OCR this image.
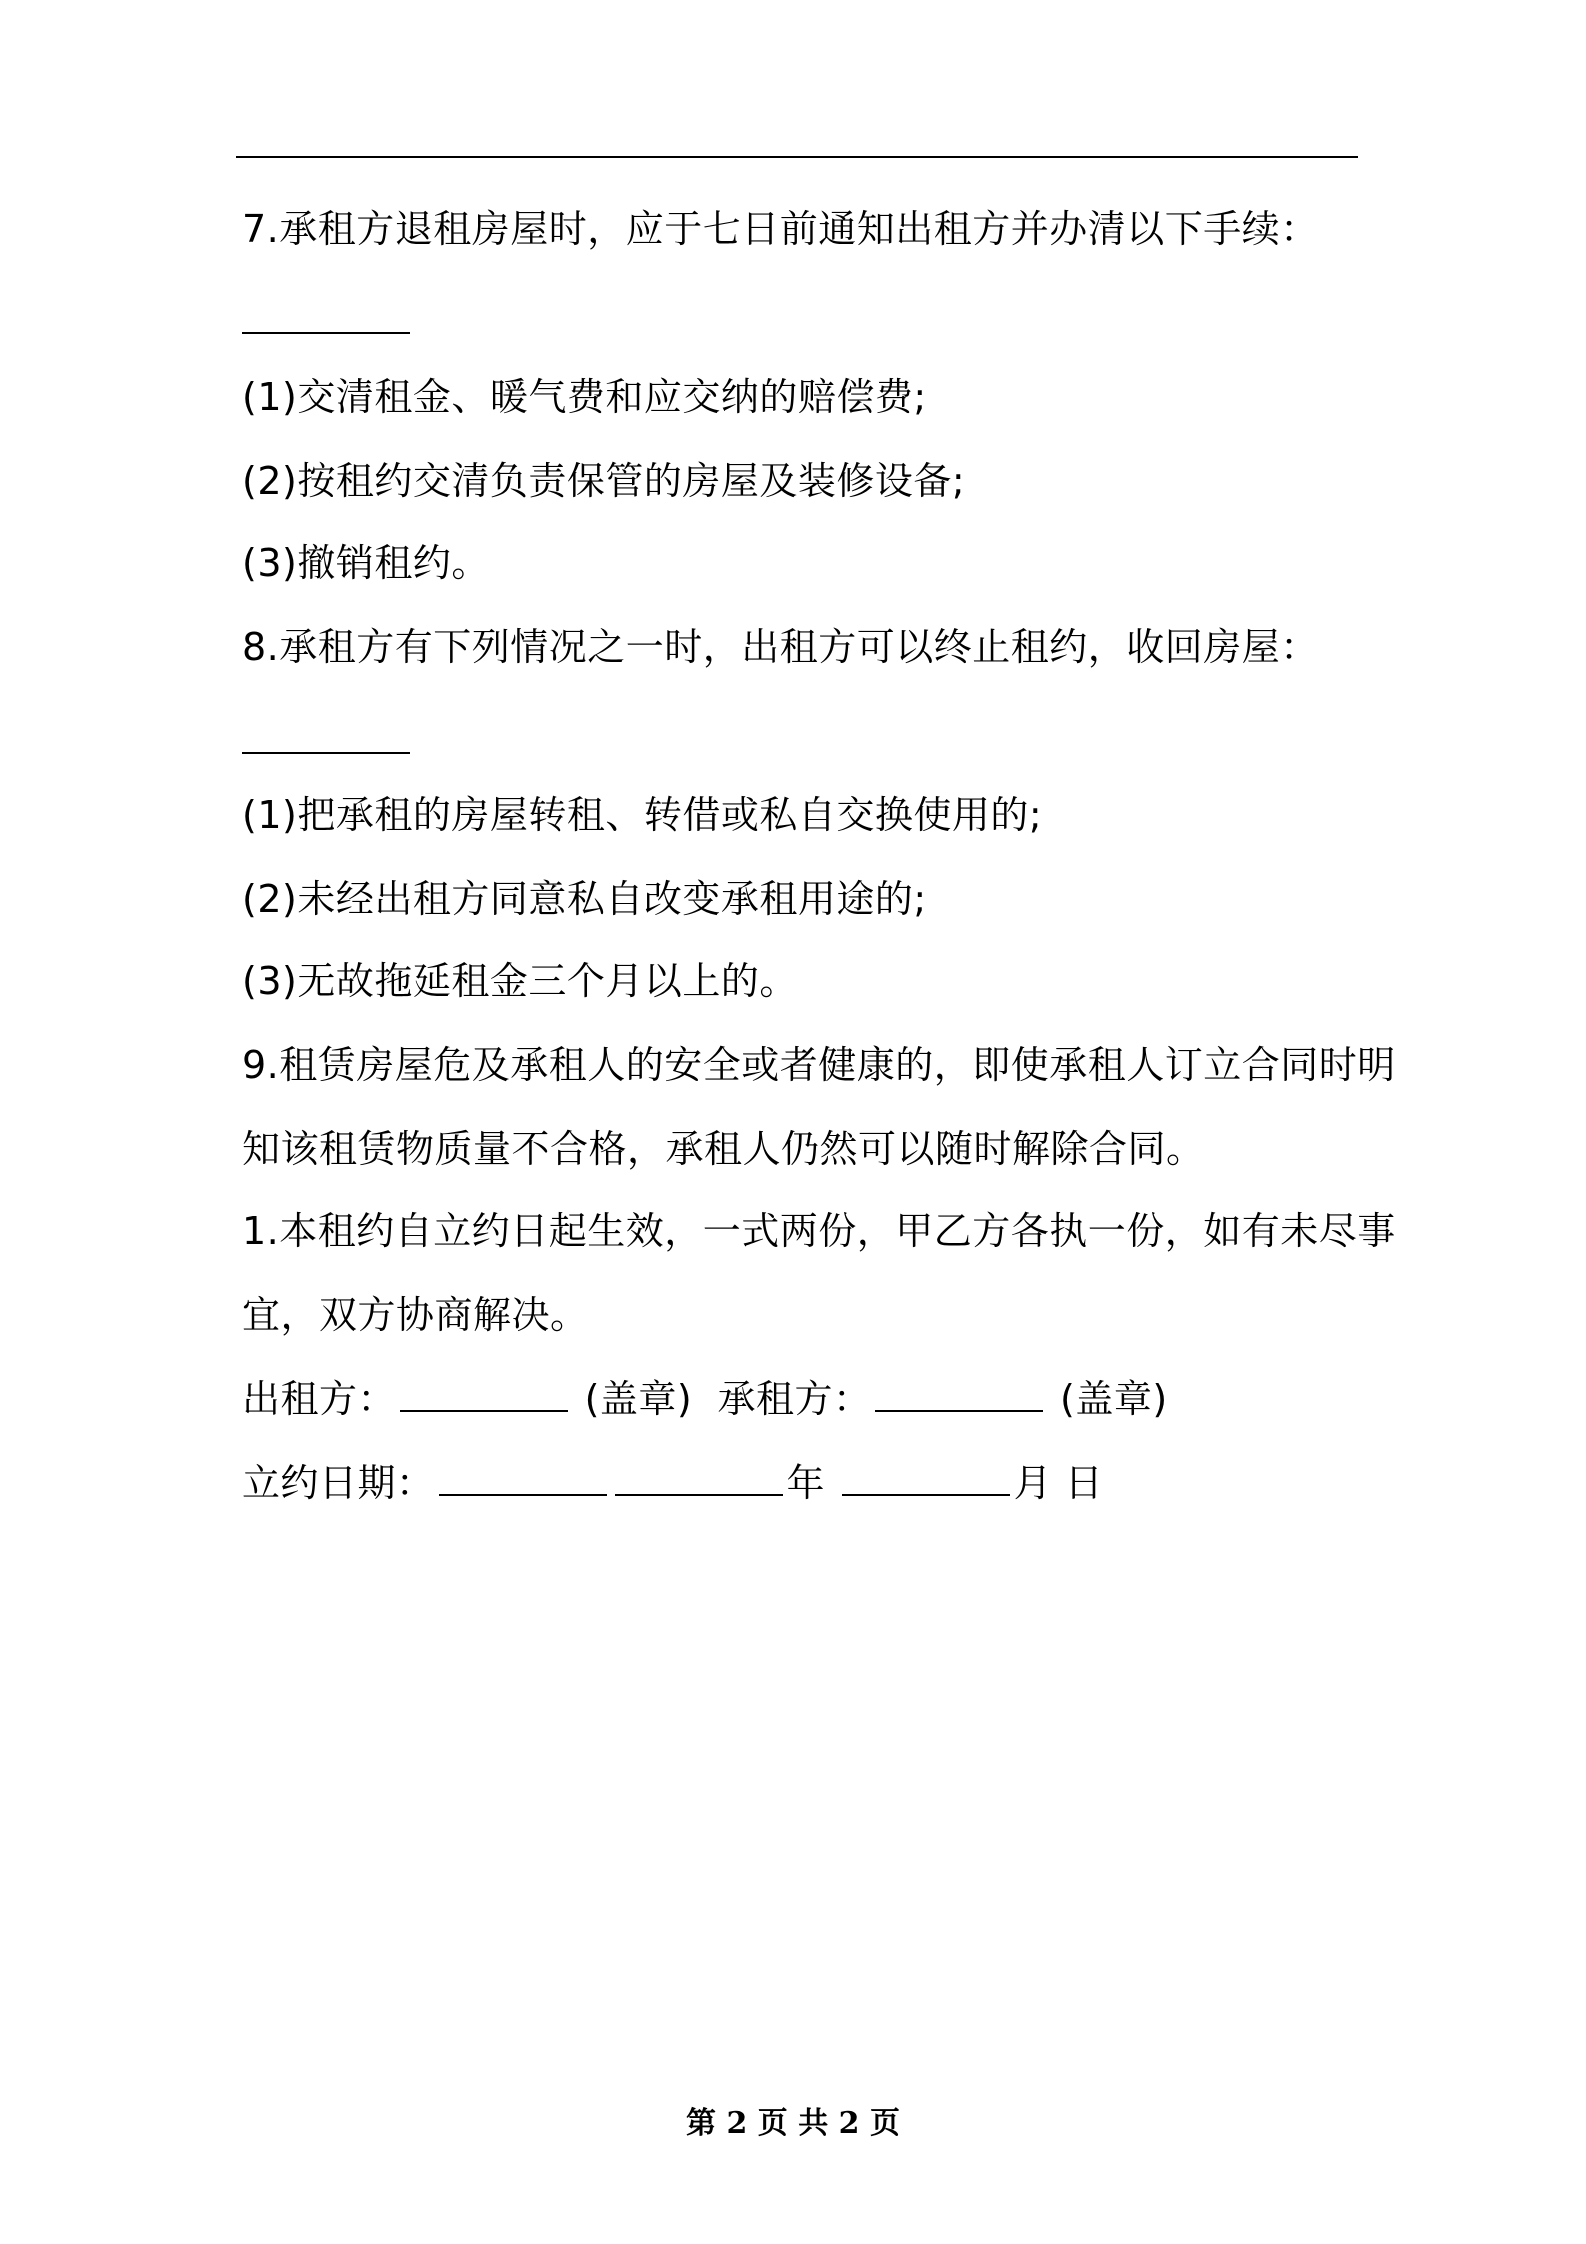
7.承租方退租房屋时，应于七日前通知出租方并办清以下手续：
(1)交清租金、暖气费和应交纳的赔偿费;
(2)按租约交清负责保管的房屋及装修设备;
(3)撤销租约。
8.承租方有下列情况之一时，出租方可以终止租约，收回房屋：
(1)把承租的房屋转租、转借或私自交换使用的;
(2)未经出租方同意私自改变承租用途的;
(3)无故拖延租金三个月以上的。
9.租赁房屋危及承租人的安全或者健康的，即使承租人订立合同时明
知该租赁物质量不合格，承租人仍然可以随时解除合同。
1.本租约自立约日起生效，一式两份，甲乙方各执一份，如有未尽事
宜，双方协商解决。
出租方：	(盖章) 承租方：	(盖章)
立约日期：	年	月 日
第 2 页 共 2 页
